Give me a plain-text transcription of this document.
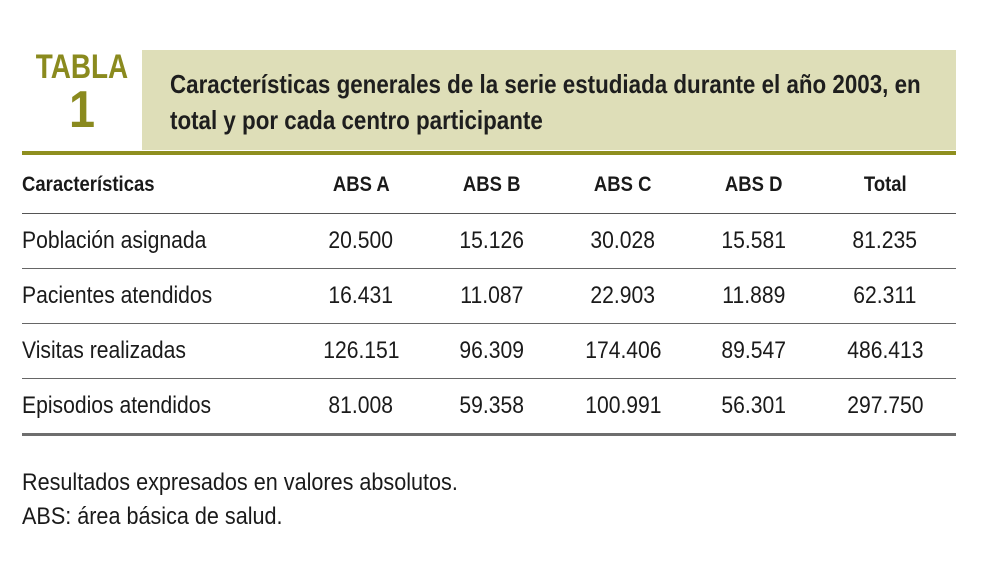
TABLA
1	Características generales de la serie estudiada durante el año 2003, en total y por cada centro participante
Características	ABS A	ABS B	ABS C	ABS D	Total
Población asignada	20.500	15.126	30.028	15.581	81.235
Pacientes atendidos	16.431	11.087	22.903	11.889	62.311
Visitas realizadas	126.151	96.309	174.406	89.547	486.413
Episodios atendidos	81.008	59.358	100.991	56.301	297.750
Resultados expresados en valores absolutos.
ABS: área básica de salud.
